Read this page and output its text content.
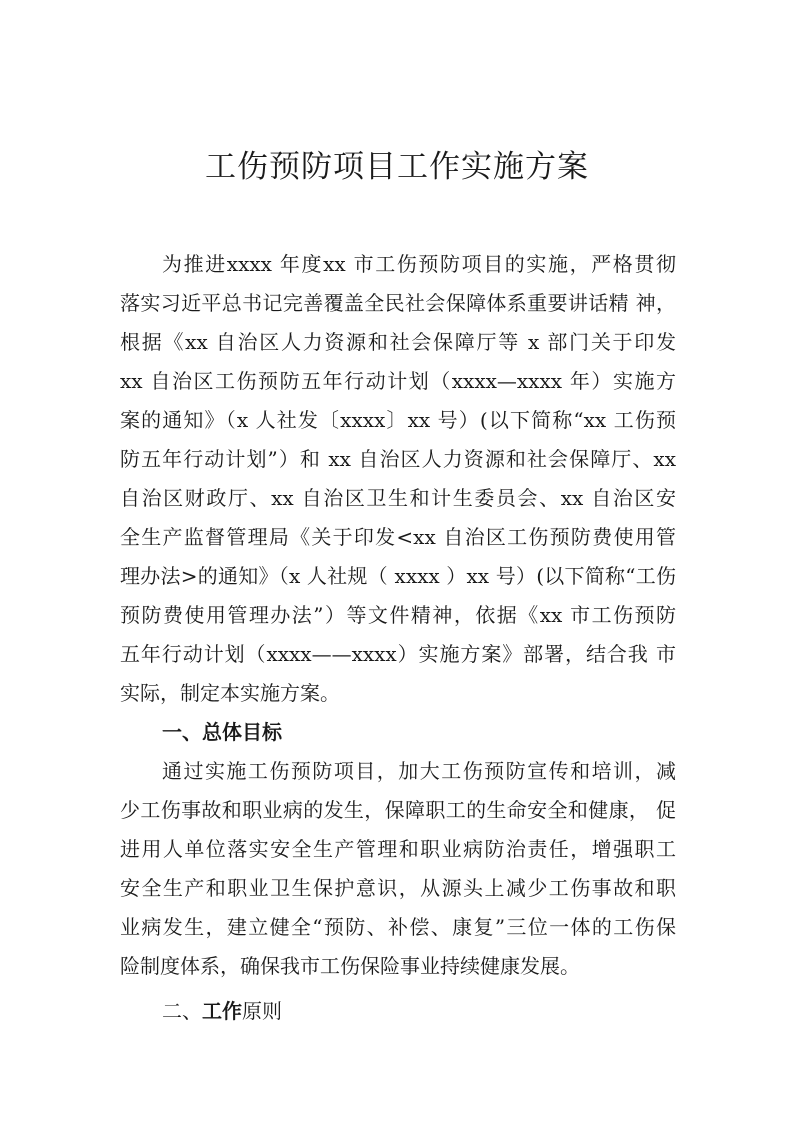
工伤预防项目工作实施方案
为推进xxxx 年度xx 市工伤预防项目的实施，严格贯彻
落实习近平总书记完善覆盖全民社会保障体系重要讲话精 神，
根据《xx 自治区人力资源和社会保障厅等 x 部门关于印发
xx 自治区工伤预防五年行动计划（xxxx—xxxx 年）实施方
案的通知》（x 人社发〔xxxx〕xx 号）(以下简称“xx 工伤预
防五年行动计划”）和 xx 自治区人力资源和社会保障厅、xx
自治区财政厅、xx 自治区卫生和计生委员会、xx 自治区安
全生产监督管理局《关于印发<xx 自治区工伤预防费使用管
理办法>的通知》（x 人社规（ xxxx ）xx 号）(以下简称“工伤
预防费使用管理办法”）等文件精神，依据《xx 市工伤预防
五年行动计划（xxxx——xxxx）实施方案》部署，结合我 市
实际，制定本实施方案。
一、总体目标
通过实施工伤预防项目，加大工伤预防宣传和培训，减
少工伤事故和职业病的发生，保障职工的生命安全和健康， 促
进用人单位落实安全生产管理和职业病防治责任，增强职工
安全生产和职业卫生保护意识，从源头上减少工伤事故和职
业病发生，建立健全“预防、补偿、康复”三位一体的工伤保
险制度体系，确保我市工伤保险事业持续健康发展。
二、工作原则
